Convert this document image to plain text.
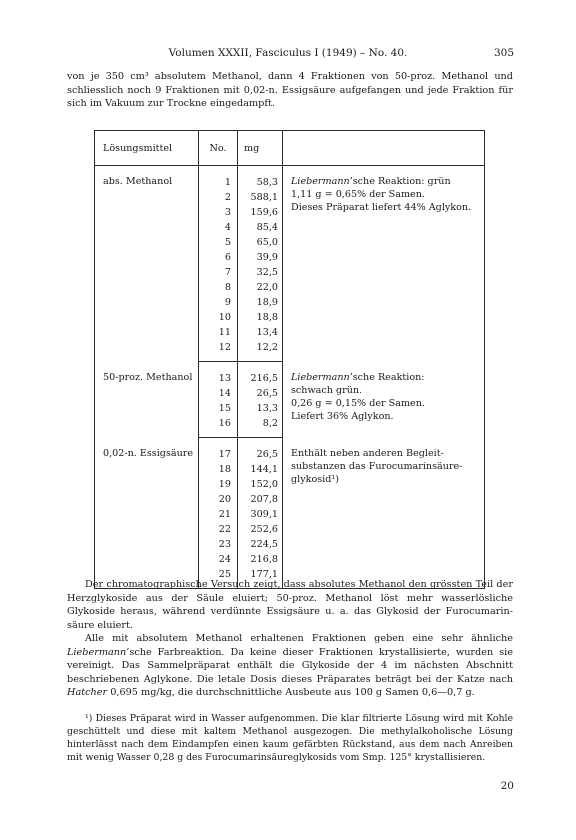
Volumen XXXII, Fasciculus I (1949) – No. 40.	305

von je 350 cm³ absolutem Methanol, dann 4 Fraktionen von 50-proz. Methanol und schliesslich noch 9 Fraktionen mit 0,02-n. Essigsäure aufgefangen und jede Fraktion für sich im Vakuum zur Trockne eingedampft.

Lösungsmittel	No.	mg	
abs. Methanol	1	58,3	Liebermann’sche Reaktion: grün
1,11 g = 0,65% der Samen.
Dieses Präparat liefert 44% Aglykon.

	2	588,1	
	3	159,6	
	4	85,4	
	5	65,0	
	6	39,9	
	7	32,5	
	8	22,0	
	9	18,9	
	10	18,8	
	11	13,4	
	12	12,2	
50-proz. Methanol	13	216,5	Liebermann’sche Reaktion:
schwach grün.
0,26 g = 0,15% der Samen.
Liefert 36% Aglykon.

	14	26,5	
	15	13,3	
	16	8,2	
0,02-n. Essigsäure	17	26,5	Enthält neben anderen Begleit-
substanzen das Furocumarinsäure-
glykosid¹)

	18	144,1	
	19	152,0	
	20	207,8	
	21	309,1	
	22	252,6	
	23	224,5	
	24	216,8	
	25	177,1	

Der chromatographische Versuch zeigt, dass absolutes Methanol den grössten Teil der Herzglykoside aus der Säule eluiert; 50-proz. Methanol löst mehr wasserlösliche Glykoside heraus, während verdünnte Essigsäure u. a. das Glykosid der Furocumarinsäure eluiert.

Alle mit absolutem Methanol erhaltenen Fraktionen geben eine sehr ähnliche Liebermann’sche Farbreaktion. Da keine dieser Fraktionen krystallisierte, wurden sie vereinigt. Das Sammelpräparat enthält die Glykoside der 4 im nächsten Abschnitt beschriebenen Aglykone. Die letale Dosis dieses Präparates beträgt bei der Katze nach Hatcher 0,695 mg/kg, die durchschnittliche Ausbeute aus 100 g Samen 0,6—0,7 g.

¹) Dieses Präparat wird in Wasser aufgenommen. Die klar filtrierte Lösung wird mit Kohle geschüttelt und diese mit kaltem Methanol ausgezogen. Die methylalkoholische Lösung hinterlässt nach dem Eindampfen einen kaum gefärbten Rückstand, aus dem nach Anreiben mit wenig Wasser 0,28 g des Furocumarinsäureglykosids vom Smp. 125° krystallisieren.

20
